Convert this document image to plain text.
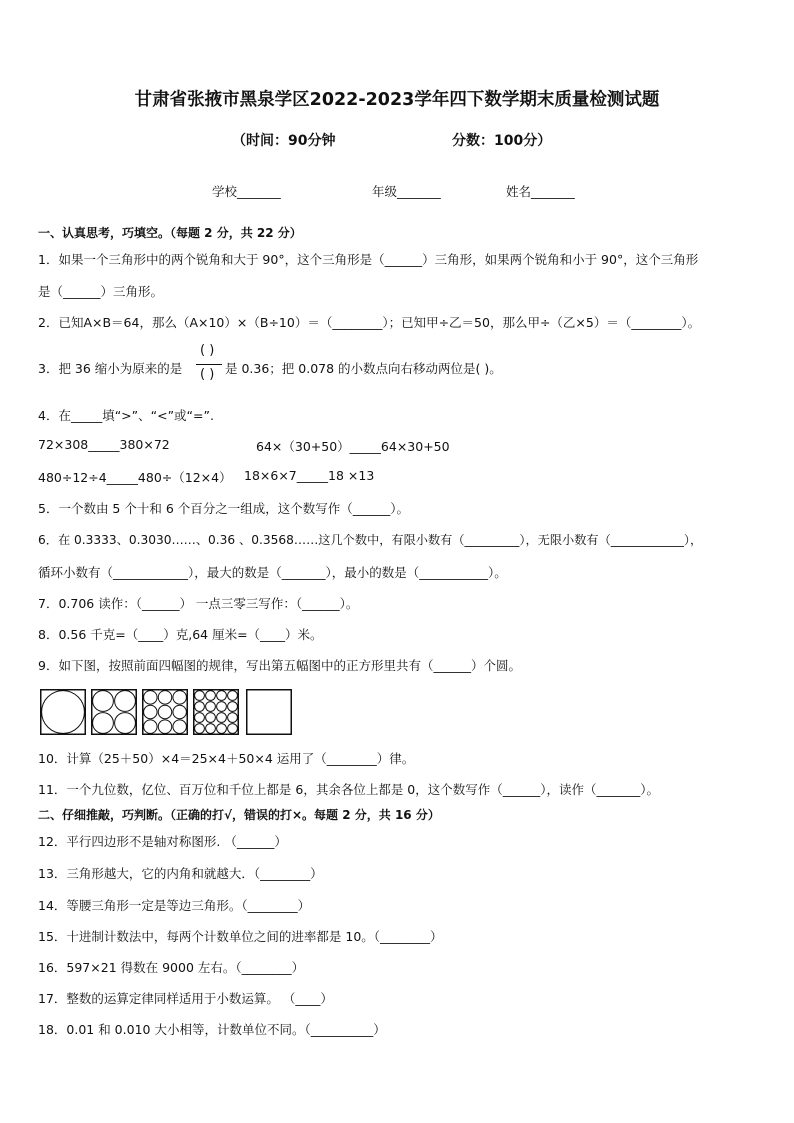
甘肃省张掖市黑泉学区2022-2023学年四下数学期末质量检测试题
（时间：90分钟	分数：100分）
学校_______	年级_______	姓名_______
一、认真思考，巧填空。（每题 2 分，共 22 分）
1．如果一个三角形中的两个锐角和大于 90°，这个三角形是（______）三角形，如果两个锐角和小于 90°，这个三角形
是（______）三角形。
2．已知A×B＝64，那么（A×10）×（B÷10）＝（________）；已知甲÷乙＝50，那么甲÷（乙×5）＝（________）。
3．把 36 缩小为原来的是
( )
( ) 是 0.36；把 0.078 的小数点向右移动两位是( )。
4．在_____填“>”、“<”或“=”.
72×308_____380×72	64×（30+50）_____64×30+50
480÷12÷4_____480÷（12×4） 18×6×7_____18 ×13
5．一个数由 5 个十和 6 个百分之一组成，这个数写作（______）。
6．在 0.3333、0.3030……、0.36 、0.3568……这几个数中，有限小数有（_________），无限小数有（____________），
循环小数有（____________），最大的数是（_______），最小的数是（___________）。
7．0.706 读作：（______） 一点三零三写作：（______）。
8．0.56 千克=（____）克,64 厘米=（____）米。
9．如下图，按照前面四幅图的规律，写出第五幅图中的正方形里共有（______）个圆。
10．计算（25＋50）×4＝25×4＋50×4 运用了（________）律。
11．一个九位数，亿位、百万位和千位上都是 6，其余各位上都是 0，这个数写作（______），读作（_______）。
二、仔细推敲，巧判断。（正确的打√，错误的打×。每题 2 分，共 16 分）
12．平行四边形不是轴对称图形. （______）
13．三角形越大，它的内角和就越大．（________）
14．等腰三角形一定是等边三角形。（________）
15．十进制计数法中，每两个计数单位之间的进率都是 10。（________）
16．597×21 得数在 9000 左右。（________）
17．整数的运算定律同样适用于小数运算。 （____）
18．0.01 和 0.010 大小相等，计数单位不同。（__________）
